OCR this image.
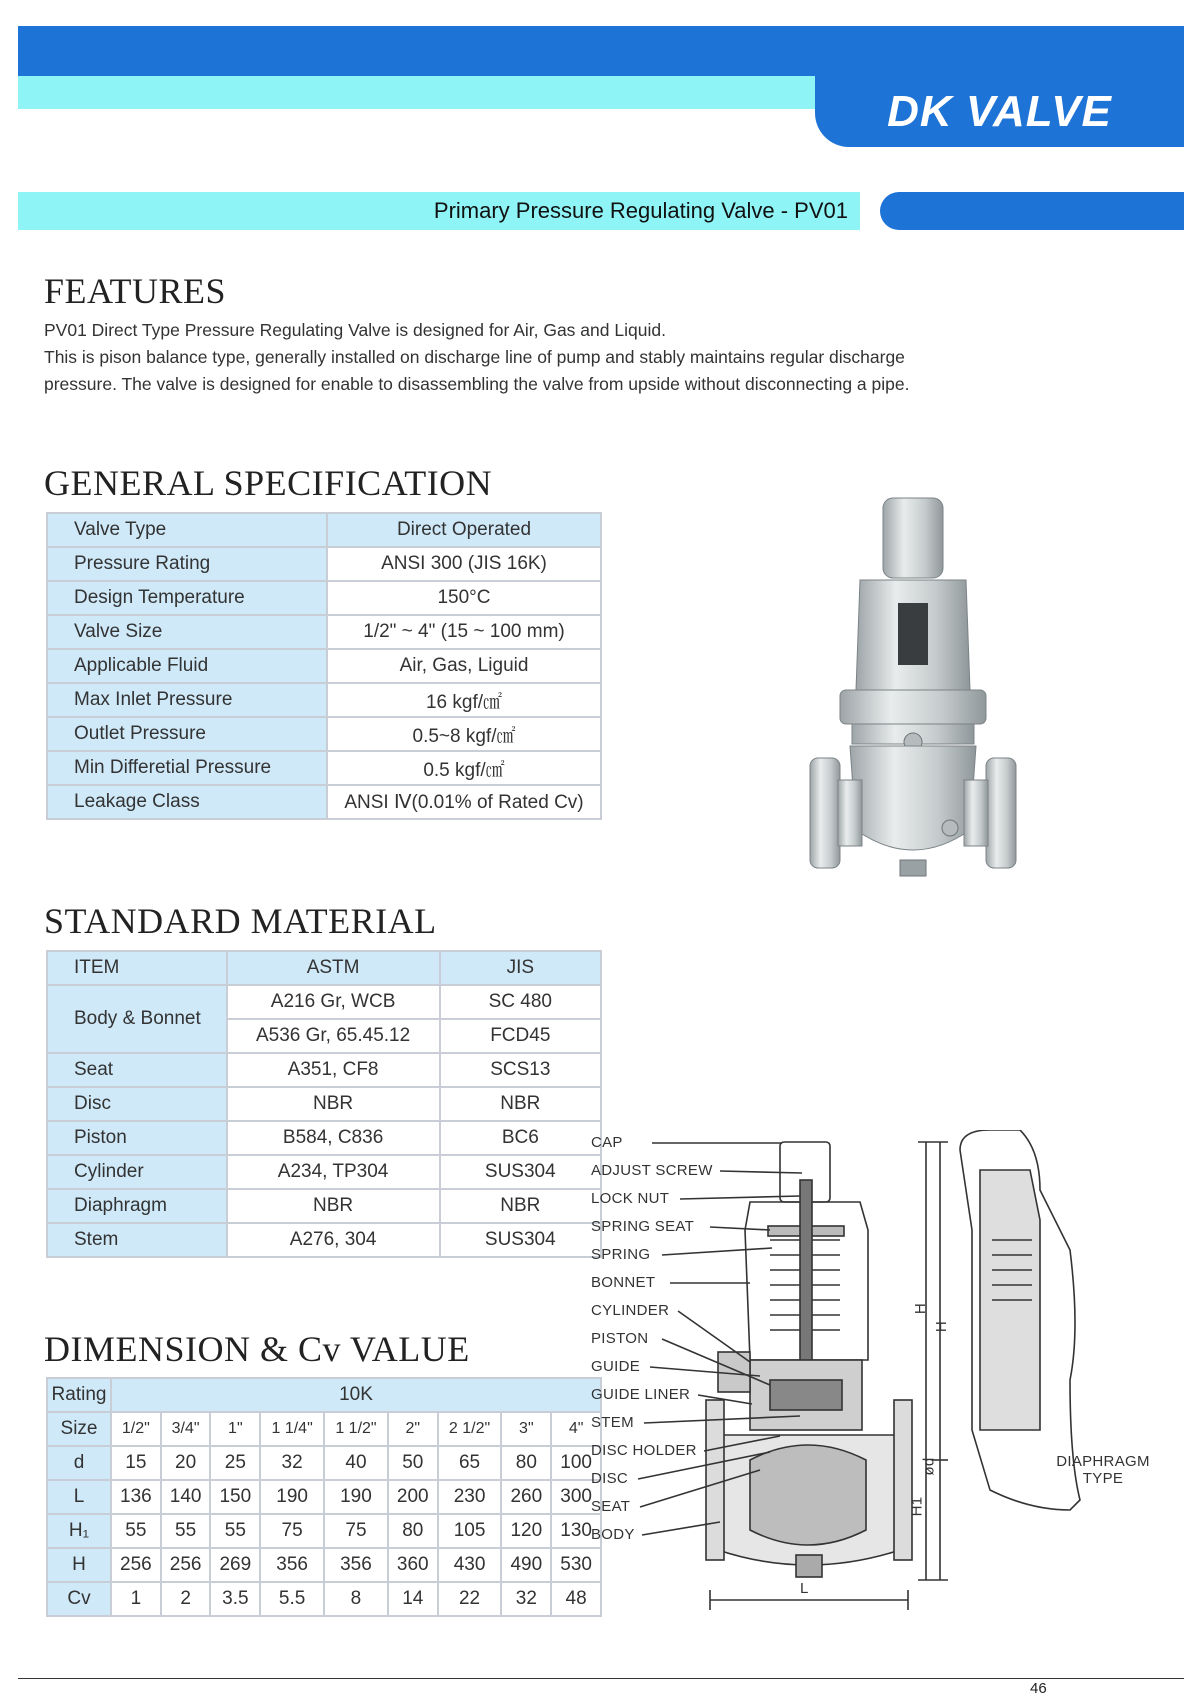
DK VALVE
Primary Pressure Regulating Valve - PV01
FEATURES
PV01 Direct Type Pressure Regulating Valve is designed for Air, Gas and Liquid.
This is pison balance type, generally installed on discharge line of pump and stably maintains regular discharge
pressure. The valve is designed for enable to disassembling the valve from upside without disconnecting a pipe.
GENERAL SPECIFICATION
Valve Type	Direct Operated
Pressure Rating	ANSI 300 (JIS 16K)
Design Temperature	150°C
Valve Size	1/2" ~ 4" (15 ~ 100 mm)
Applicable Fluid	Air, Gas, Liguid
Max Inlet Pressure	16 kgf/㎠
Outlet Pressure	0.5~8 kgf/㎠
Min Differetial Pressure	0.5 kgf/㎠
Leakage Class	ANSI Ⅳ(0.01% of Rated Cv)
STANDARD MATERIAL
ITEM	ASTM	JIS
Body & Bonnet	A216 Gr, WCB	SC 480
	A536 Gr, 65.45.12	FCD45
Seat	A351, CF8	SCS13
Disc	NBR	NBR
Piston	B584, C836	BC6
Cylinder	A234, TP304	SUS304
Diaphragm	NBR	NBR
Stem	A276, 304	SUS304
DIMENSION & Cv VALUE
Rating	10K								
Size	1/2"	3/4"	1"	1 1/4"	1 1/2"	2"	2 1/2"	3"	4"
d	15	20	25	32	40	50	65	80	100
L	136	140	150	190	190	200	230	260	300
H₁	55	55	55	75	75	80	105	120	130
H	256	256	269	356	356	360	430	490	530
Cv	1	2	3.5	5.5	8	14	22	32	48
CAP
ADJUST SCREW
LOCK NUT
SPRING SEAT
SPRING
BONNET
CYLINDER
PISTON
GUIDE
GUIDE LINER
STEM
DISC HOLDER
DISC
SEAT
BODY
H
H
H1
ød
L
DIAPHRAGM
TYPE
46
